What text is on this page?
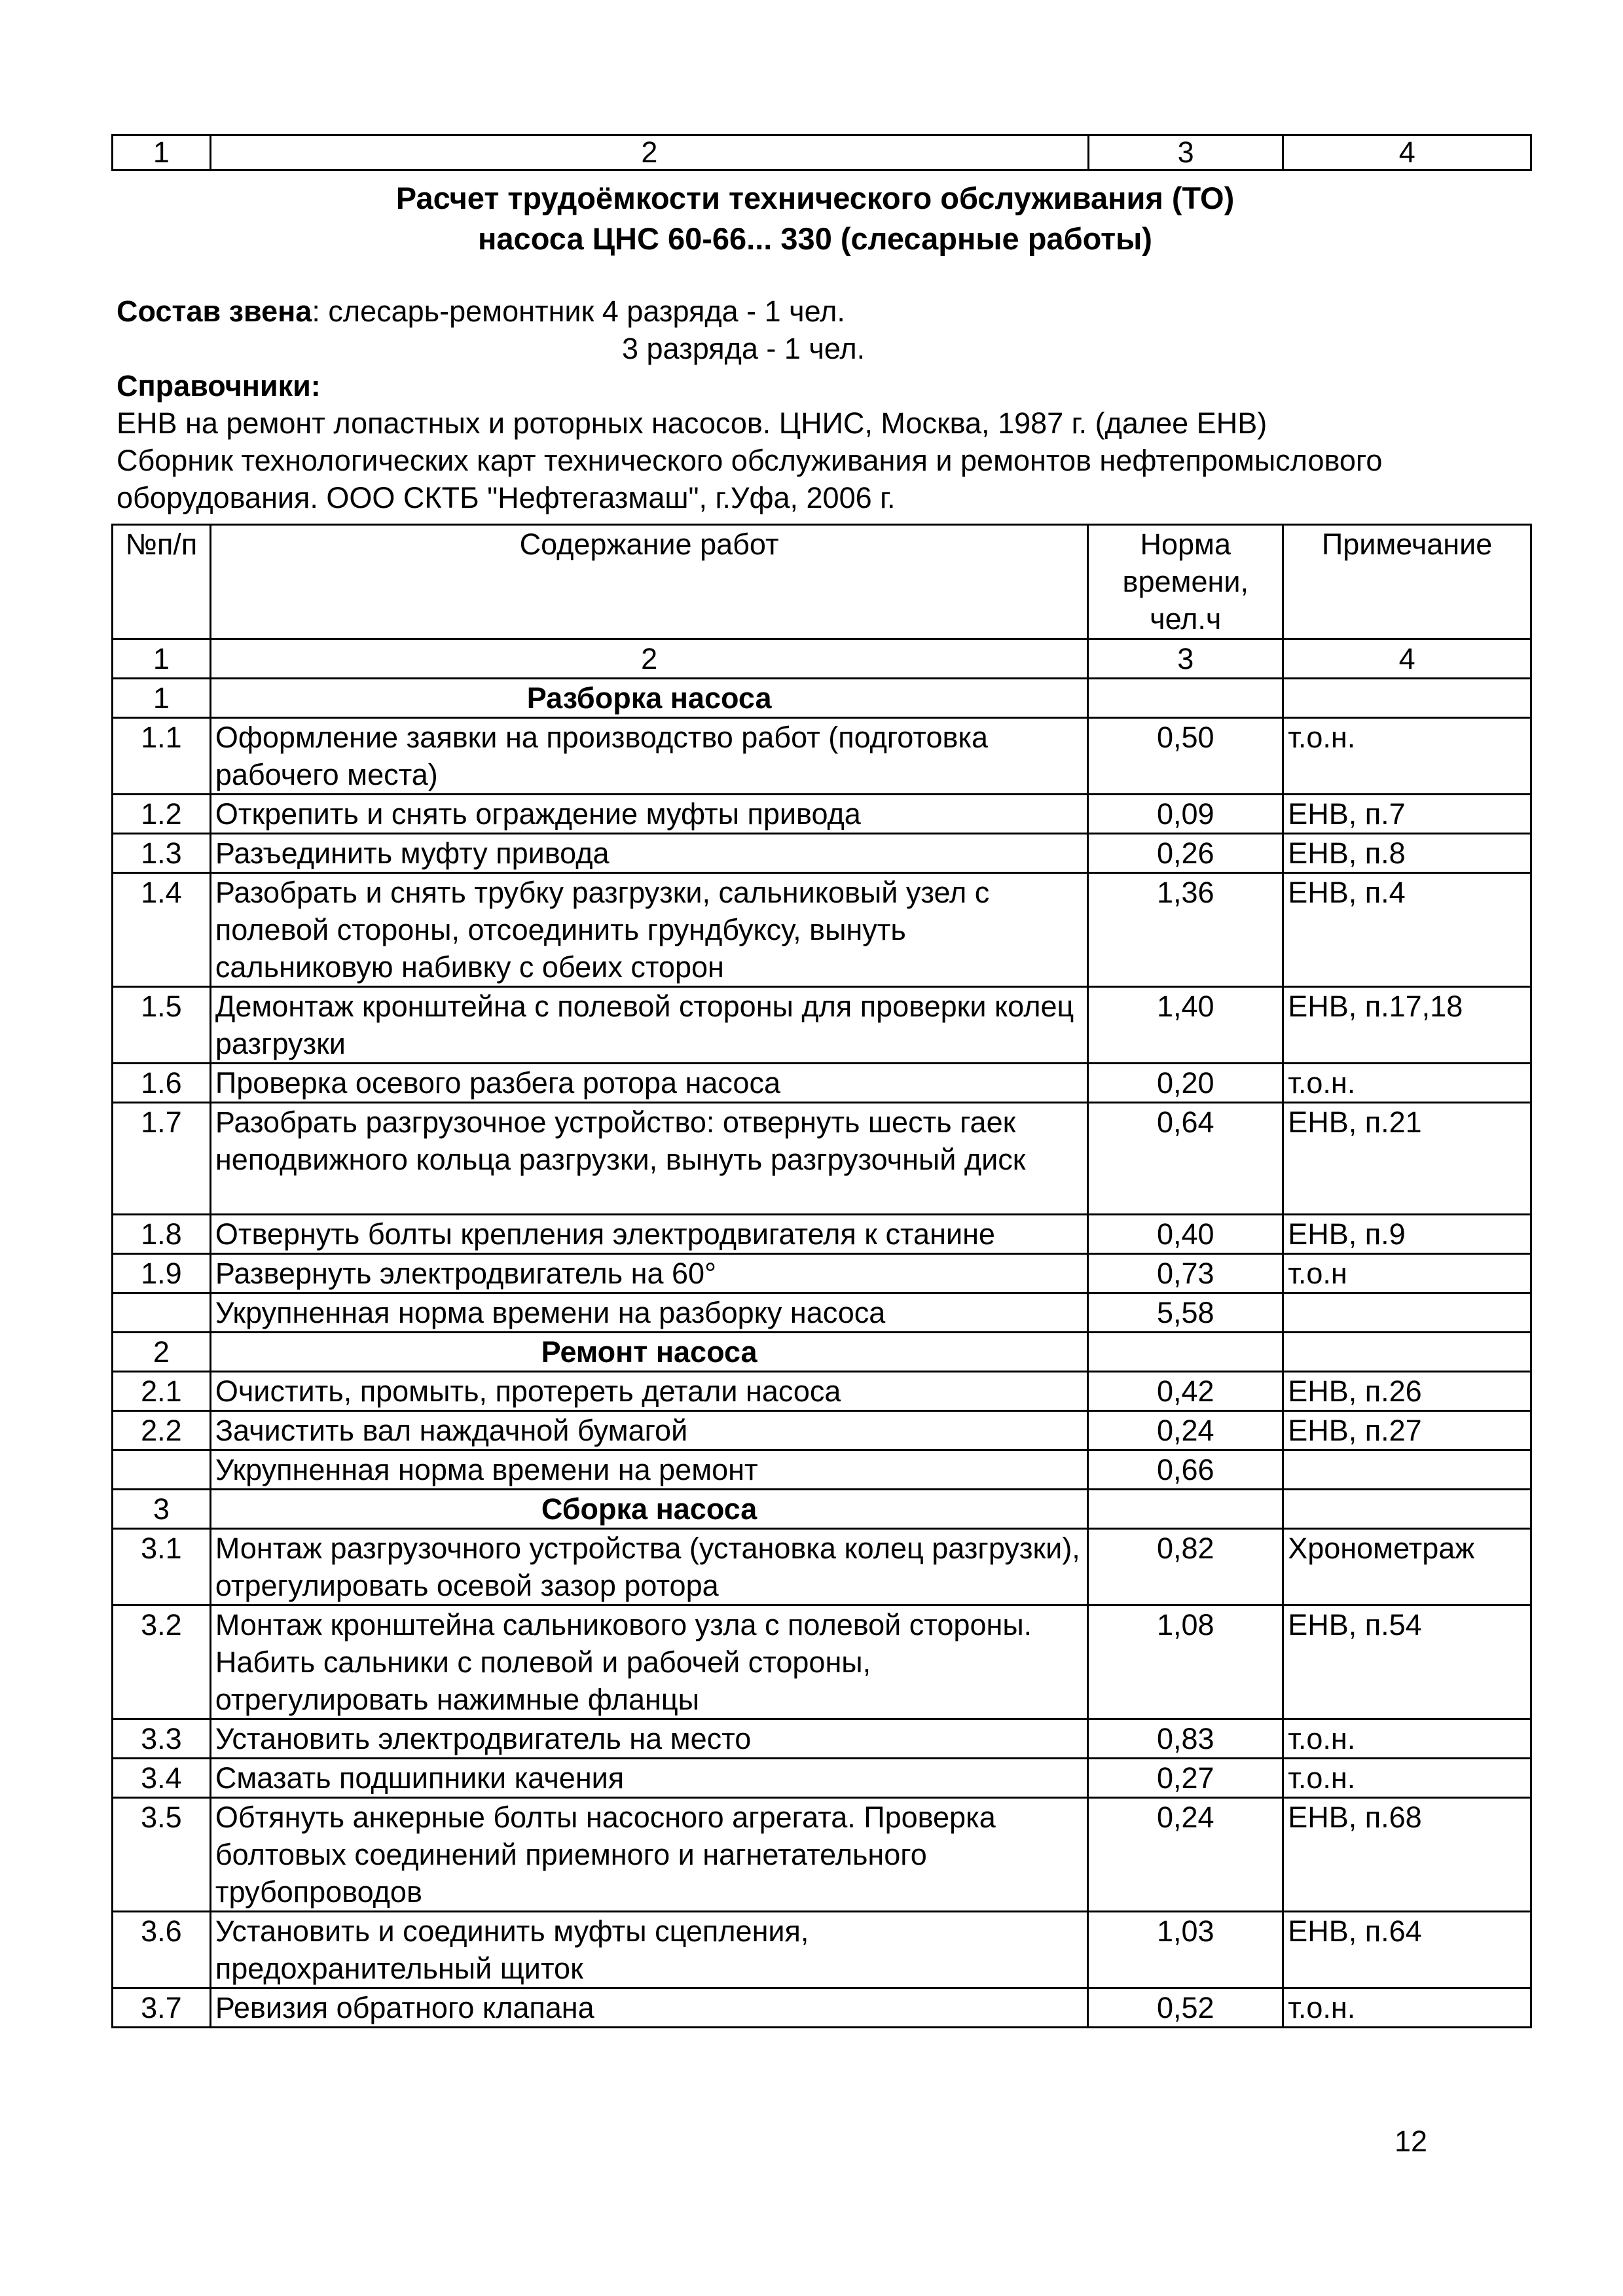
1	2	3	4
Расчет трудоёмкости технического обслуживания (ТО)
насоса ЦНС 60-66... 330 (слесарные работы)
Состав звена: слесарь-ремонтник 4 разряда - 1 чел.
3 разряда - 1 чел.
Справочники:
ЕНВ на ремонт лопастных и роторных насосов. ЦНИС, Москва, 1987 г. (далее ЕНВ)
Сборник технологических карт технического обслуживания и ремонтов нефтепромыслового
оборудования. ООО СКТБ "Нефтегазмаш", г.Уфа, 2006 г.
№п/п	Содержание работ	Норма времени, чел.ч	Примечание
1	2	3	4
1	Разборка насоса		
1.1	Оформление заявки на производство работ (подготовка рабочего места)	0,50	т.о.н.
1.2	Открепить и снять ограждение муфты привода	0,09	ЕНВ, п.7
1.3	Разъединить муфту привода	0,26	ЕНВ, п.8
1.4	Разобрать и снять трубку разгрузки, сальниковый узел с полевой стороны, отсоединить грундбуксу, вынуть сальниковую набивку с обеих сторон	1,36	ЕНВ, п.4
1.5	Демонтаж кронштейна с полевой стороны для проверки колец разгрузки	1,40	ЕНВ, п.17,18
1.6	Проверка осевого разбега ротора насоса	0,20	т.о.н.
1.7	Разобрать разгрузочное устройство: отвернуть шесть гаек неподвижного кольца разгрузки, вынуть разгрузочный диск	0,64	ЕНВ, п.21
1.8	Отвернуть болты крепления электродвигателя к станине	0,40	ЕНВ, п.9
1.9	Развернуть электродвигатель на 60°	0,73	т.о.н
	Укрупненная норма времени на разборку насоса	5,58	
2	Ремонт насоса		
2.1	Очистить, промыть, протереть детали насоса	0,42	ЕНВ, п.26
2.2	Зачистить вал наждачной бумагой	0,24	ЕНВ, п.27
	Укрупненная норма времени на ремонт	0,66	
3	Сборка насоса		
3.1	Монтаж разгрузочного устройства (установка колец разгрузки), отрегулировать осевой зазор ротора	0,82	Хронометраж
3.2	Монтаж кронштейна сальникового узла с полевой стороны. Набить сальники с полевой и рабочей стороны, отрегулировать нажимные фланцы	1,08	ЕНВ, п.54
3.3	Установить электродвигатель на место	0,83	т.о.н.
3.4	Смазать подшипники качения	0,27	т.о.н.
3.5	Обтянуть анкерные болты насосного агрегата. Проверка болтовых соединений приемного и нагнетательного трубопроводов	0,24	ЕНВ, п.68
3.6	Установить и соединить муфты сцепления, предохранительный щиток	1,03	ЕНВ, п.64
3.7	Ревизия обратного клапана	0,52	т.о.н.
12
